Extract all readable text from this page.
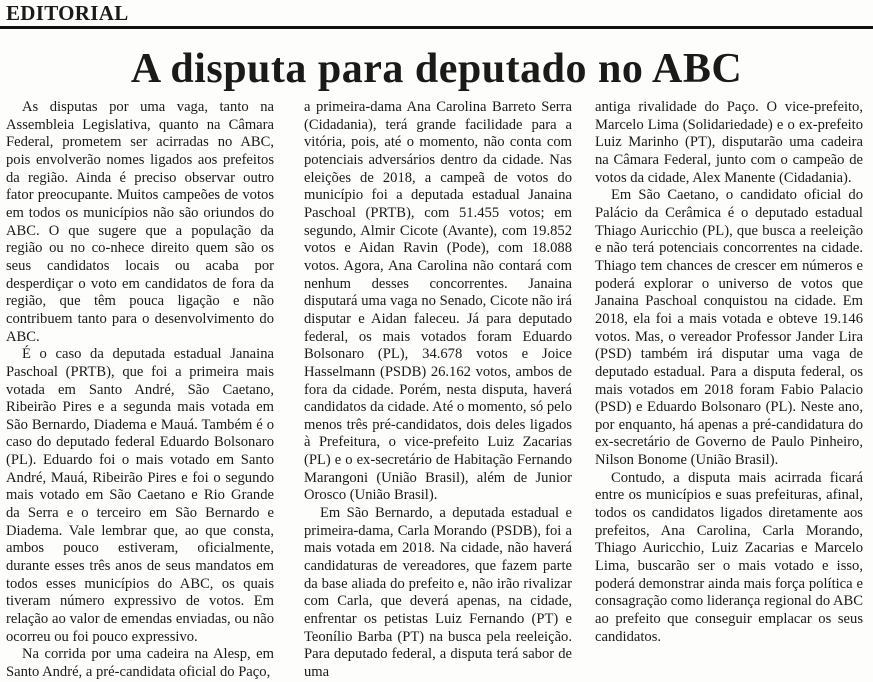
EDITORIAL
A disputa para deputado no ABC

As disputas por uma vaga, tanto na Assembleia Legislativa, quanto na Câmara Federal, prometem ser acirradas no ABC, pois envolverão nomes ligados aos prefeitos da região. Ainda é preciso observar outro fator preocupante. Muitos campeões de votos em todos os municípios não são oriundos do ABC. O que sugere que a população da região ou no co-nhece direito quem são os seus candidatos locais ou acaba por desperdiçar o voto em candidatos de fora da região, que têm pouca ligação e não contribuem tanto para o desenvolvimento do ABC.

É o caso da deputada estadual Janaina Paschoal (PRTB), que foi a primeira mais votada em Santo André, São Caetano, Ribeirão Pires e a segunda mais votada em São Bernardo, Diadema e Mauá. Também é o caso do deputado federal Eduardo Bolsonaro (PL). Eduardo foi o mais votado em Santo André, Mauá, Ribeirão Pires e foi o segundo mais votado em São Caetano e Rio Grande da Serra e o terceiro em São Bernardo e Diadema. Vale lembrar que, ao que consta, ambos pouco estiveram, oficialmente, durante esses três anos de seus mandatos em todos esses municípios do ABC, os quais tiveram número expressivo de votos. Em relação ao valor de emendas enviadas, ou não ocorreu ou foi pouco expressivo.

Na corrida por uma cadeira na Alesp, em Santo André, a pré-candidata oficial do Paço,

a primeira-dama Ana Carolina Barreto Serra (Cidadania), terá grande facilidade para a vitória, pois, até o momento, não conta com potenciais adversários dentro da cidade. Nas eleições de 2018, a campeã de votos do município foi a deputada estadual Janaina Paschoal (PRTB), com 51.455 votos; em segundo, Almir Cicote (Avante), com 19.852 votos e Aidan Ravin (Pode), com 18.088 votos. Agora, Ana Carolina não contará com nenhum desses concorrentes. Janaina disputará uma vaga no Senado, Cicote não irá disputar e Aidan faleceu. Já para deputado federal, os mais votados foram Eduardo Bolsonaro (PL), 34.678 votos e Joice Hasselmann (PSDB) 26.162 votos, ambos de fora da cidade. Porém, nesta disputa, haverá candidatos da cidade. Até o momento, só pelo menos três pré-candidatos, dois deles ligados à Prefeitura, o vice-prefeito Luiz Zacarias (PL) e o ex-secretário de Habitação Fernando Marangoni (União Brasil), além de Junior Orosco (União Brasil).

Em São Bernardo, a deputada estadual e primeira-dama, Carla Morando (PSDB), foi a mais votada em 2018. Na cidade, não haverá candidaturas de vereadores, que fazem parte da base aliada do prefeito e, não irão rivalizar com Carla, que deverá apenas, na cidade, enfrentar os petistas Luiz Fernando (PT) e Teonílio Barba (PT) na busca pela reeleição. Para deputado federal, a disputa terá sabor de uma

antiga rivalidade do Paço. O vice-prefeito, Marcelo Lima (Solidariedade) e o ex-prefeito Luiz Marinho (PT), disputarão uma cadeira na Câmara Federal, junto com o campeão de votos da cidade, Alex Manente (Cidadania).

Em São Caetano, o candidato oficial do Palácio da Cerâmica é o deputado estadual Thiago Auricchio (PL), que busca a reeleição e não terá potenciais concorrentes na cidade. Thiago tem chances de crescer em números e poderá explorar o universo de votos que Janaina Paschoal conquistou na cidade. Em 2018, ela foi a mais votada e obteve 19.146 votos. Mas, o vereador Professor Jander Lira (PSD) também irá disputar uma vaga de deputado estadual. Para a disputa federal, os mais votados em 2018 foram Fabio Palacio (PSD) e Eduardo Bolsonaro (PL). Neste ano, por enquanto, há apenas a pré-candidatura do ex-secretário de Governo de Paulo Pinheiro, Nilson Bonome (União Brasil).

Contudo, a disputa mais acirrada ficará entre os municípios e suas prefeituras, afinal, todos os candidatos ligados diretamente aos prefeitos, Ana Carolina, Carla Morando, Thiago Auricchio, Luiz Zacarias e Marcelo Lima, buscarão ser o mais votado e isso, poderá demonstrar ainda mais força política e consagração como liderança regional do ABC ao prefeito que conseguir emplacar os seus candidatos.
